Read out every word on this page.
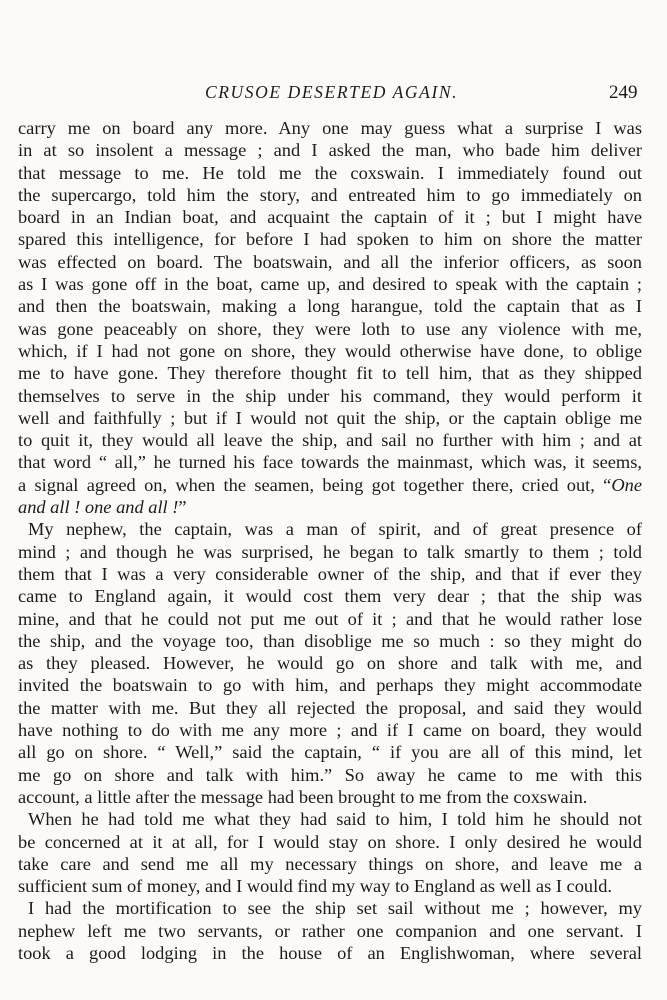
CRUSOE DESERTED AGAIN.	249
carry me on board any more. Any one may guess what a surprise I was
in at so insolent a message ; and I asked the man, who bade him deliver
that message to me. He told me the coxswain. I immediately found out
the supercargo, told him the story, and entreated him to go immediately on
board in an Indian boat, and acquaint the captain of it ; but I might have
spared this intelligence, for before I had spoken to him on shore the matter
was effected on board. The boatswain, and all the inferior officers, as soon
as I was gone off in the boat, came up, and desired to speak with the captain ;
and then the boatswain, making a long harangue, told the captain that as I
was gone peaceably on shore, they were loth to use any violence with me,
which, if I had not gone on shore, they would otherwise have done, to oblige
me to have gone. They therefore thought fit to tell him, that as they shipped
themselves to serve in the ship under his command, they would perform it
well and faithfully ; but if I would not quit the ship, or the captain oblige me
to quit it, they would all leave the ship, and sail no further with him ; and at
that word “ all,” he turned his face towards the mainmast, which was, it seems,
a signal agreed on, when the seamen, being got together there, cried out, “One
and all ! one and all !”
My nephew, the captain, was a man of spirit, and of great presence of
mind ; and though he was surprised, he began to talk smartly to them ; told
them that I was a very considerable owner of the ship, and that if ever they
came to England again, it would cost them very dear ; that the ship was
mine, and that he could not put me out of it ; and that he would rather lose
the ship, and the voyage too, than disoblige me so much : so they might do
as they pleased. However, he would go on shore and talk with me, and
invited the boatswain to go with him, and perhaps they might accommodate
the matter with me. But they all rejected the proposal, and said they would
have nothing to do with me any more ; and if I came on board, they would
all go on shore. “ Well,” said the captain, “ if you are all of this mind, let
me go on shore and talk with him.” So away he came to me with this
account, a little after the message had been brought to me from the coxswain.
When he had told me what they had said to him, I told him he should not
be concerned at it at all, for I would stay on shore. I only desired he would
take care and send me all my necessary things on shore, and leave me a
sufficient sum of money, and I would find my way to England as well as I could.
I had the mortification to see the ship set sail without me ; however, my
nephew left me two servants, or rather one companion and one servant. I
took a good lodging in the house of an Englishwoman, where several
